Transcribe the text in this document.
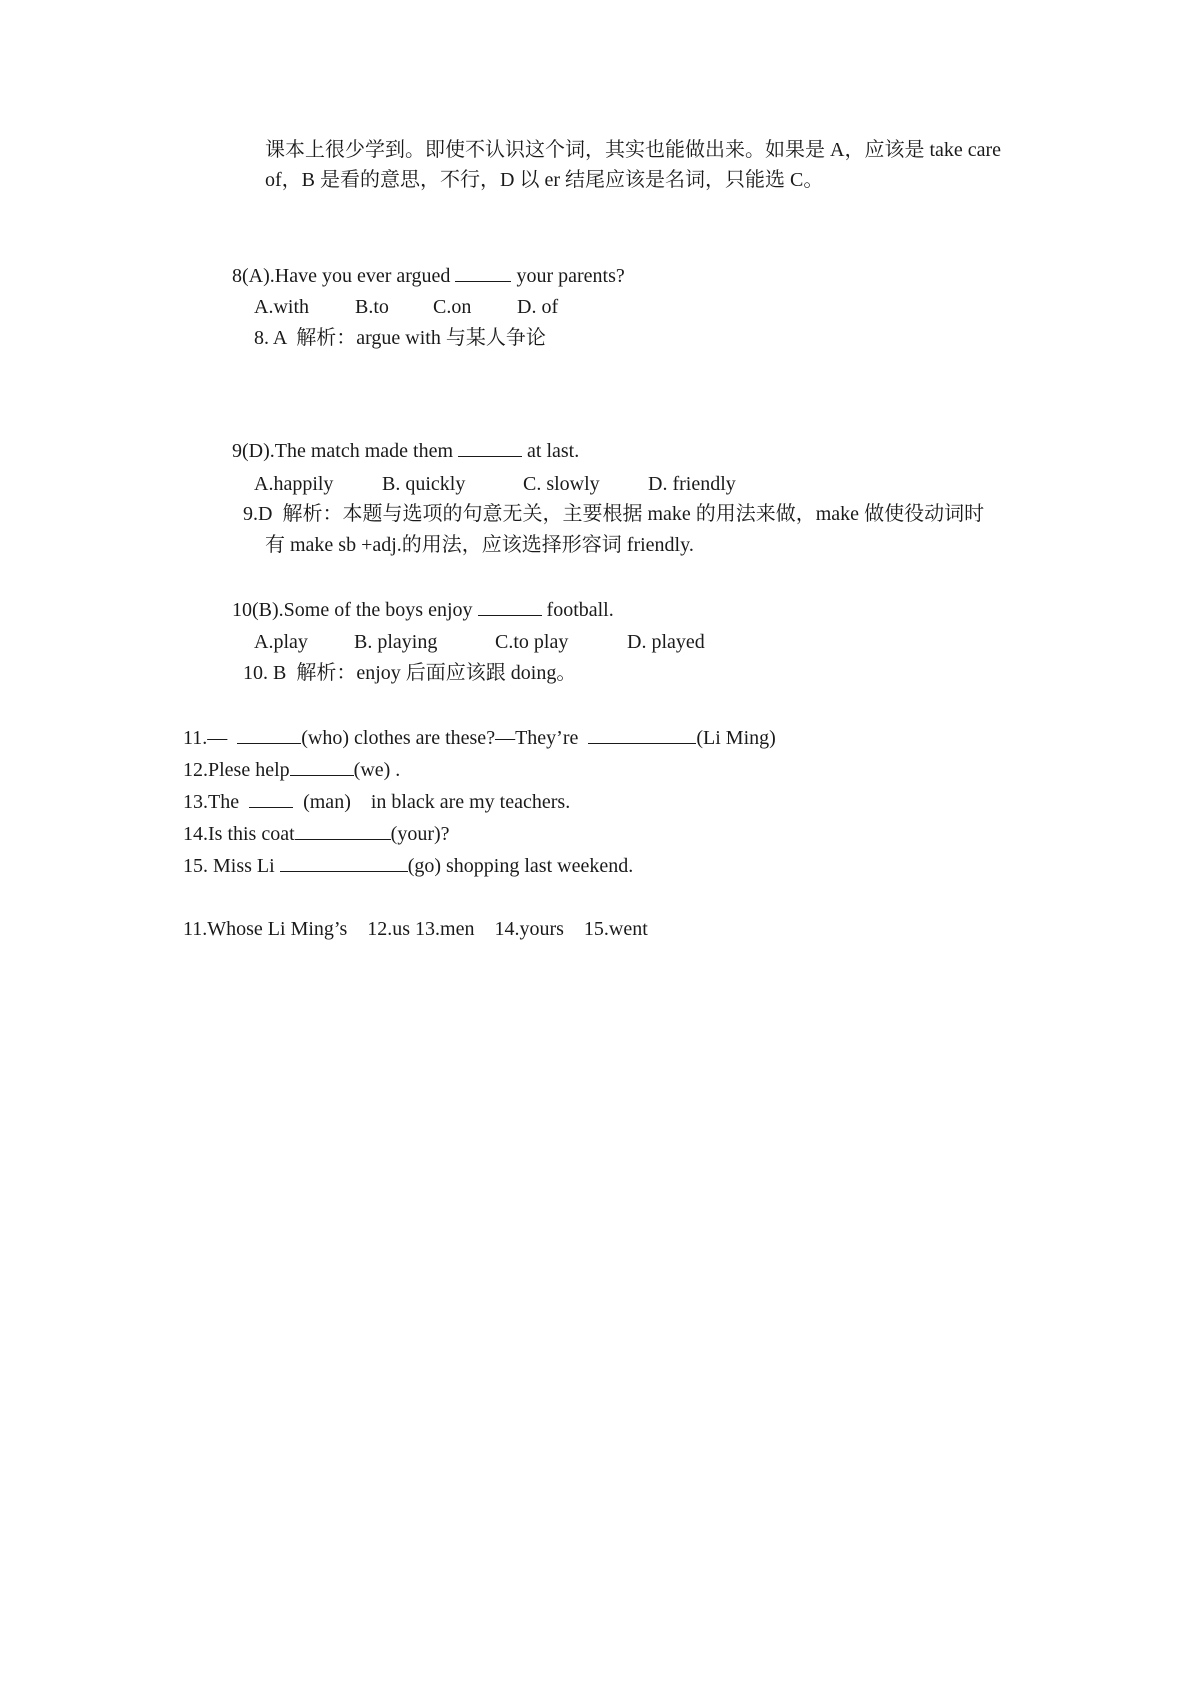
课本上很少学到。即使不认识这个词，其实也能做出来。如果是 A，应该是 take care
of，B 是看的意思，不行，D 以 er 结尾应该是名词，只能选 C。
8(A).Have you ever argued	your parents?
A.with B.to C.on D. of
8. A  解析：argue with 与某人争论
9(D).The match made them	at last.
A.happily B. quickly	C. slowly D. friendly
9.D  解析：本题与选项的句意无关，主要根据 make 的用法来做，make 做使役动词时
有 make sb +adj.的用法，应该选择形容词 friendly.
10(B).Some of the boys enjoy	football.
A.play B. playing	C.to play	D. played
10. B  解析：enjoy 后面应该跟 doing。
11.—	(who) clothes are these?—They’re	(Li Ming)
12.Plese help	(we) .
13.The    (man)    in black are my teachers.
14.Is this coat	(your)?
15. Miss Li	(go) shopping last weekend.
11.Whose Li Ming’s    12.us 13.men    14.yours    15.went
